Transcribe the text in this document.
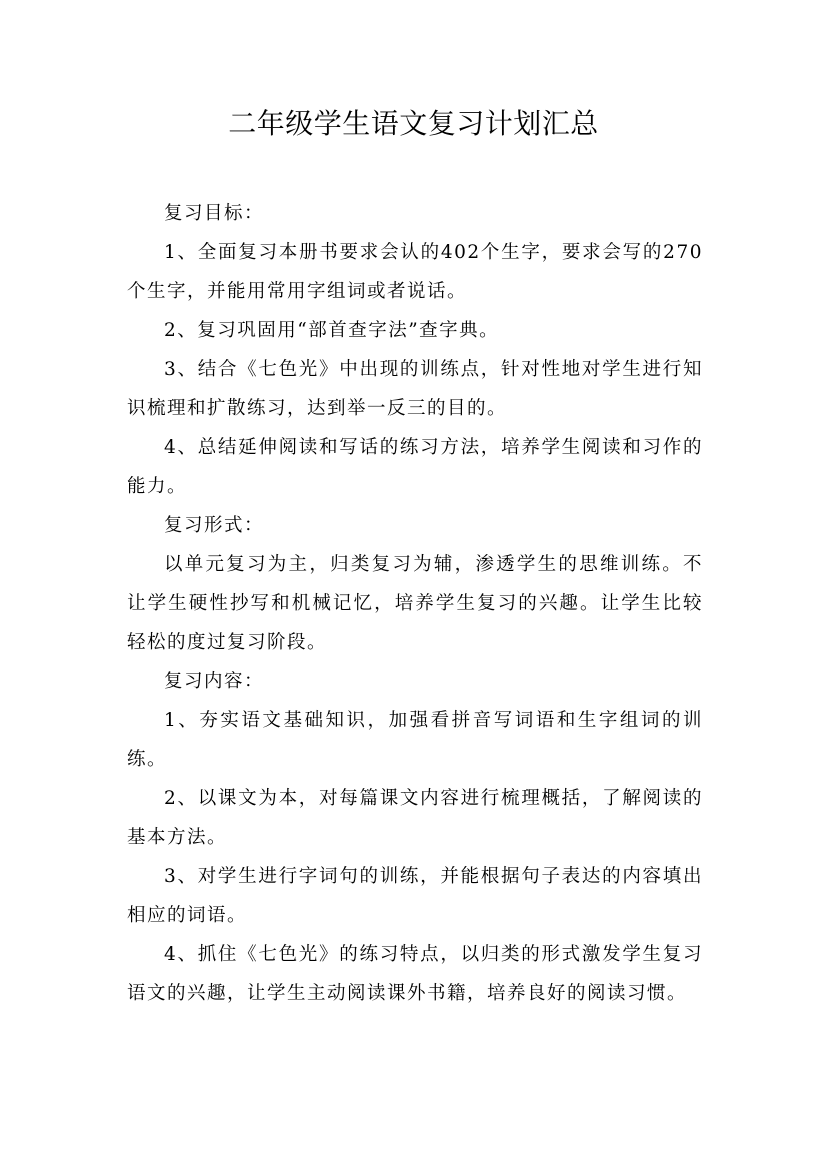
二年级学生语文复习计划汇总

复习目标：

1、全面复习本册书要求会认的402个生字，要求会写的270个生字，并能用常用字组词或者说话。

2、复习巩固用“部首查字法”查字典。

3、结合《七色光》中出现的训练点，针对性地对学生进行知识梳理和扩散练习，达到举一反三的目的。

4、总结延伸阅读和写话的练习方法，培养学生阅读和习作的能力。

复习形式：

以单元复习为主，归类复习为辅，渗透学生的思维训练。不让学生硬性抄写和机械记忆，培养学生复习的兴趣。让学生比较轻松的度过复习阶段。

复习内容：

1、夯实语文基础知识，加强看拼音写词语和生字组词的训练。

2、以课文为本，对每篇课文内容进行梳理概括，了解阅读的基本方法。

3、对学生进行字词句的训练，并能根据句子表达的内容填出相应的词语。

4、抓住《七色光》的练习特点，以归类的形式激发学生复习语文的兴趣，让学生主动阅读课外书籍，培养良好的阅读习惯。
